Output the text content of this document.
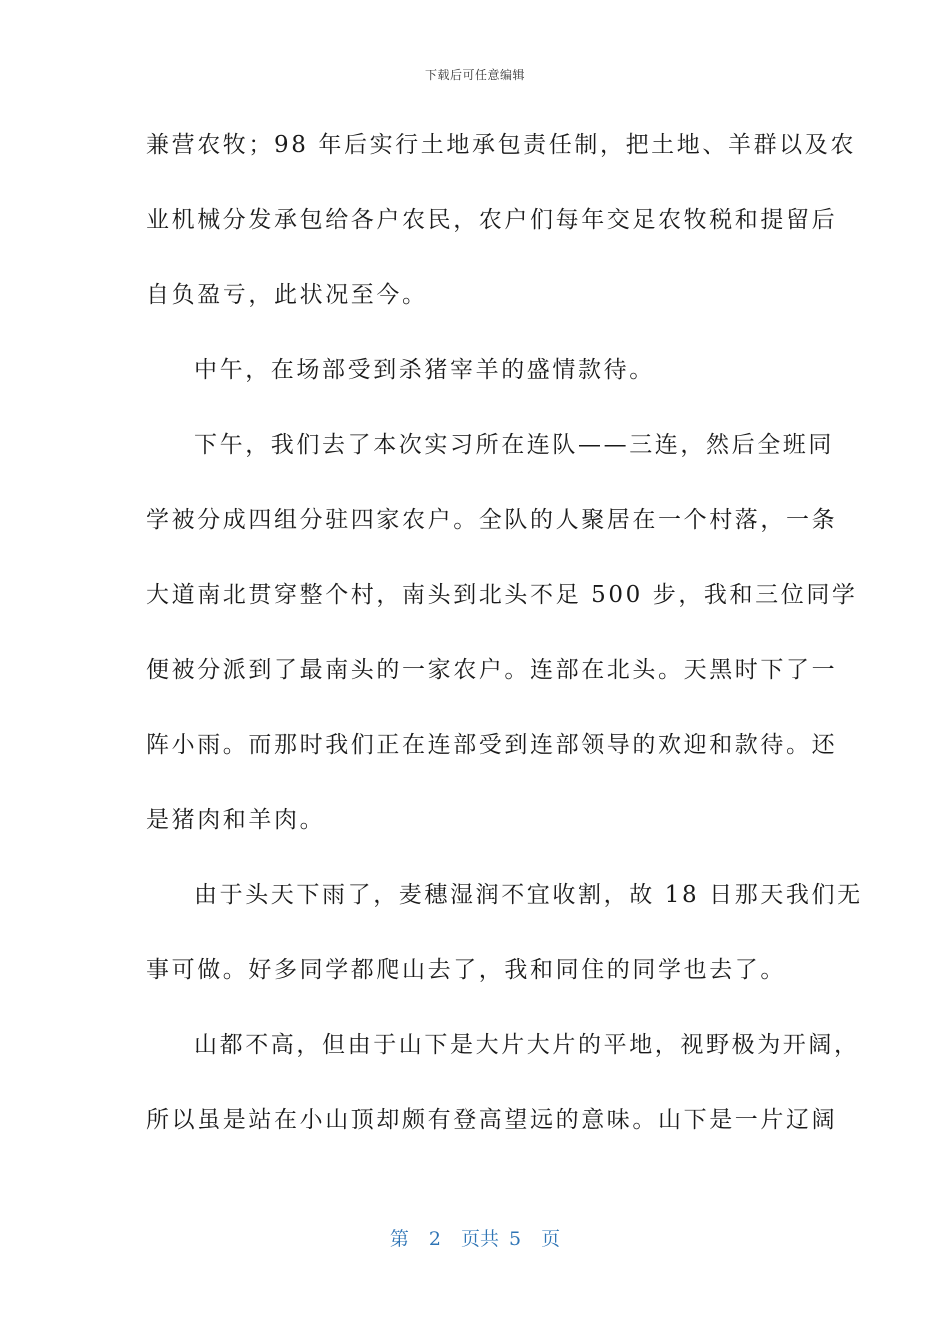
下载后可任意编辑
兼营农牧；98 年后实行土地承包责任制，把土地、羊群以及农
业机械分发承包给各户农民，农户们每年交足农牧税和提留后
自负盈亏，此状况至今。
中午，在场部受到杀猪宰羊的盛情款待。
下午，我们去了本次实习所在连队——三连，然后全班同
学被分成四组分驻四家农户。全队的人聚居在一个村落，一条
大道南北贯穿整个村，南头到北头不足 500 步，我和三位同学
便被分派到了最南头的一家农户。连部在北头。天黑时下了一
阵小雨。而那时我们正在连部受到连部领导的欢迎和款待。还
是猪肉和羊肉。
由于头天下雨了，麦穗湿润不宜收割，故 18 日那天我们无
事可做。好多同学都爬山去了，我和同住的同学也去了。
山都不高，但由于山下是大片大片的平地，视野极为开阔，
所以虽是站在小山顶却颇有登高望远的意味。山下是一片辽阔
第 2 页共 5 页
